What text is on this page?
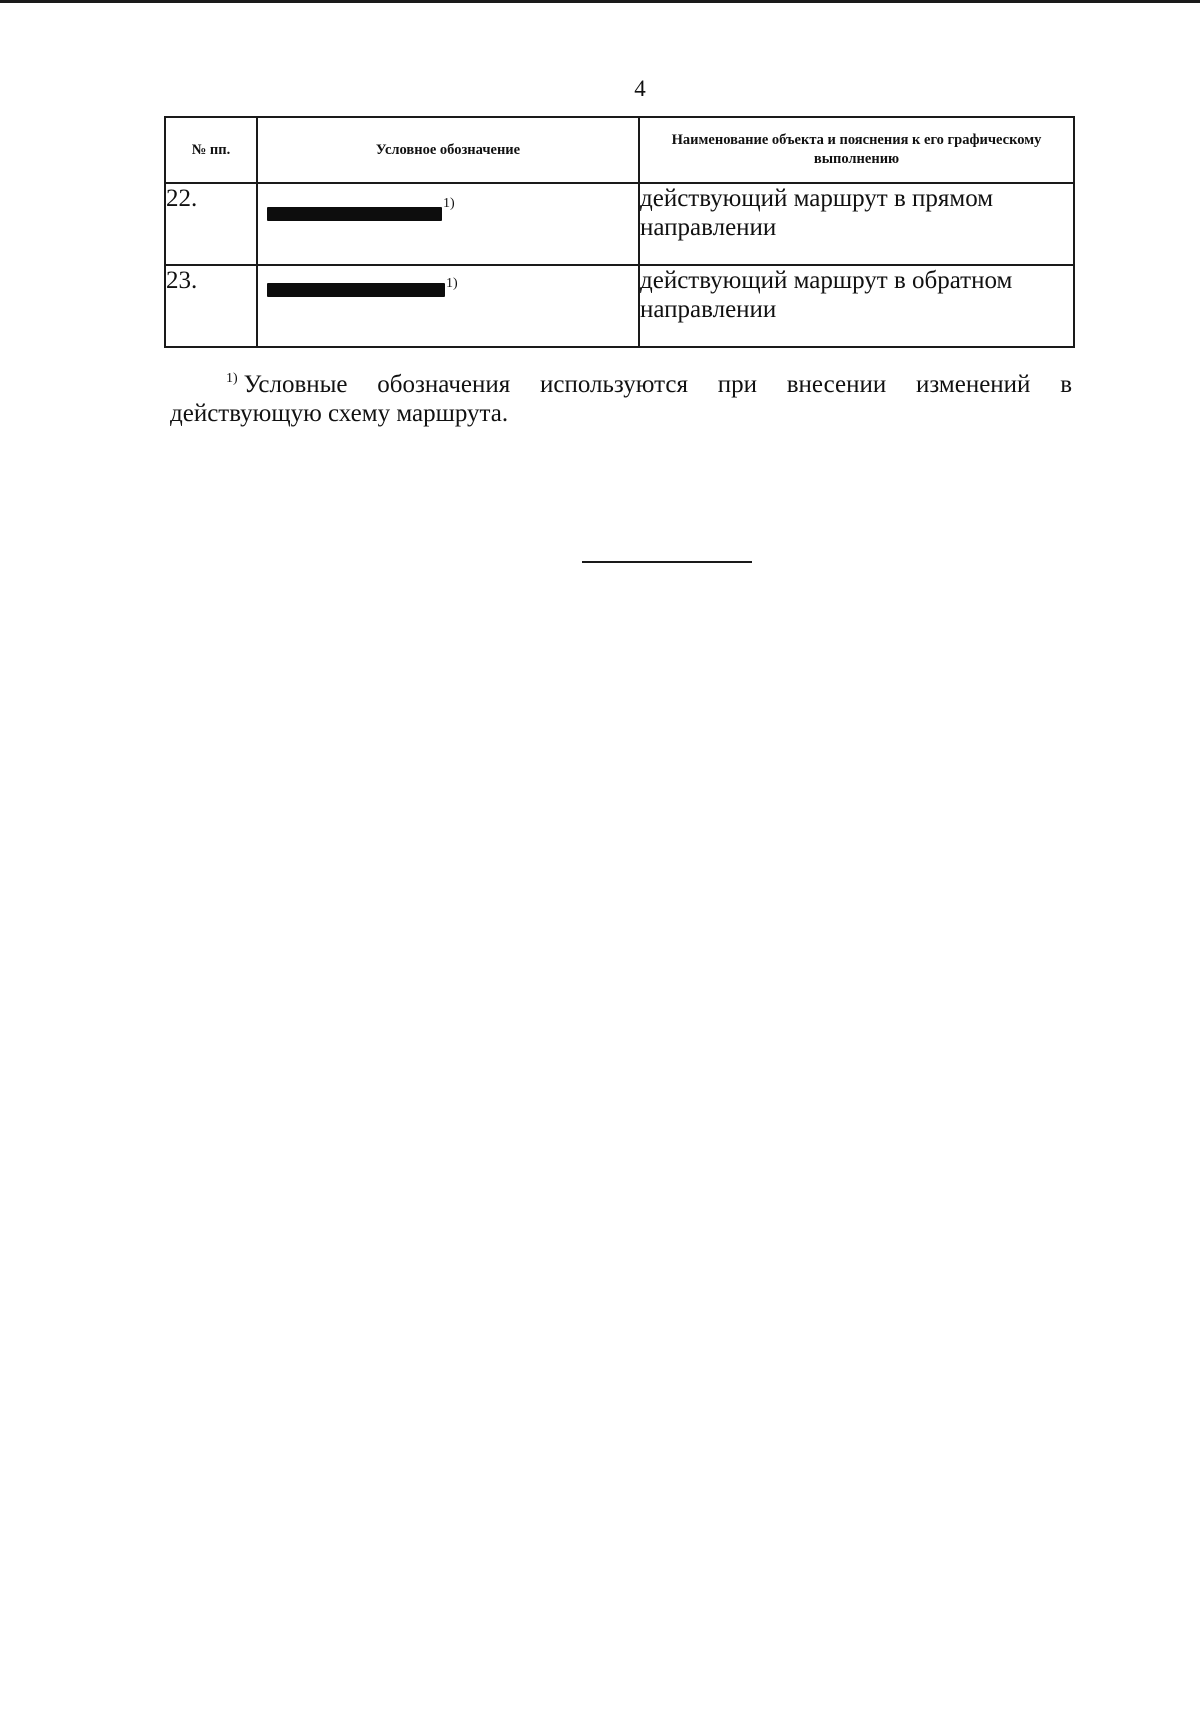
4
№ пп.	Условное обозначение	Наименование объекта и пояснения к его графическому выполнению
22.	1)	действующий маршрут в прямом направлении
23.	1)	действующий маршрут в обратном направлении
$^{1)}$ Условные обозначения используются при внесении изменений в действующую схему маршрута.
